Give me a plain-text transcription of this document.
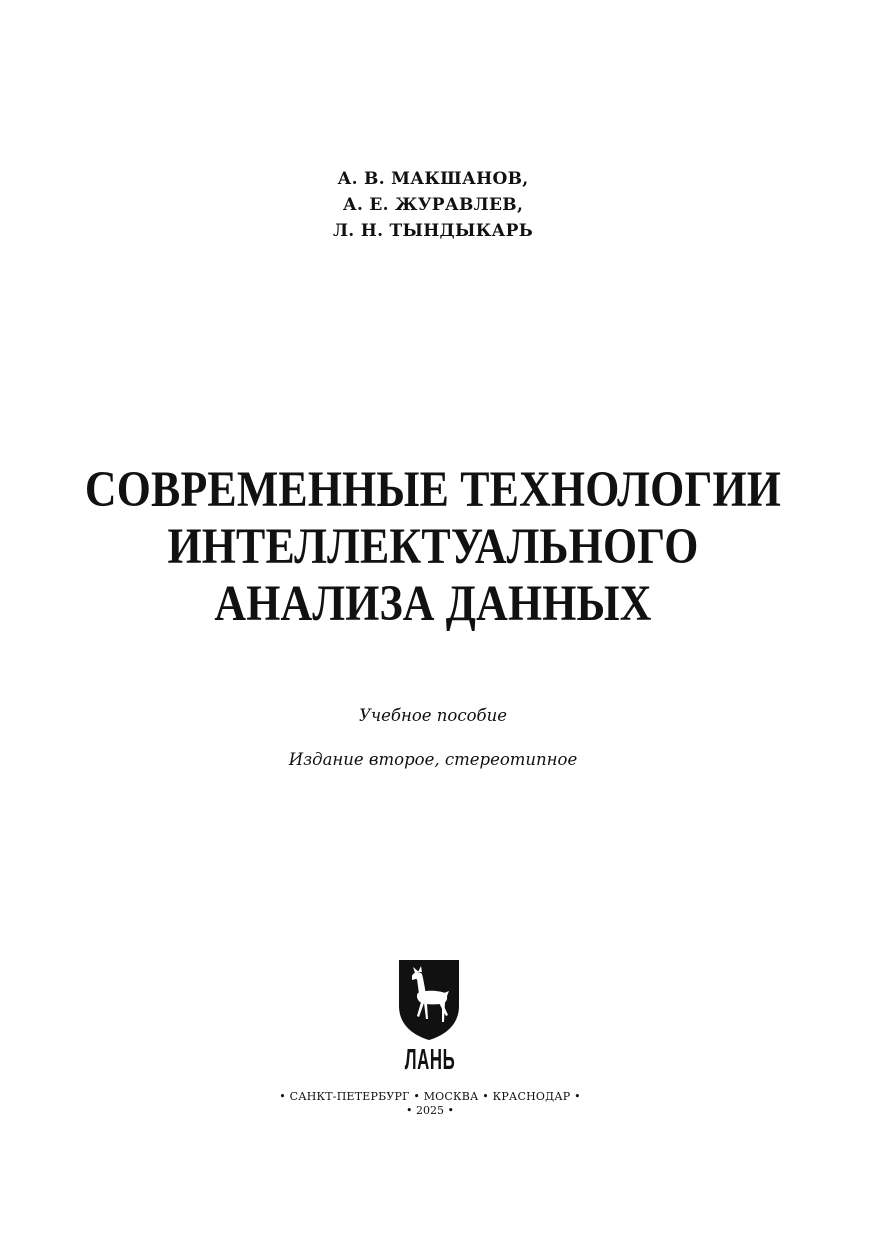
А. В. МАКШАНОВ,
А. Е. ЖУРАВЛЕВ,
Л. Н. ТЫНДЫКАРЬ
СОВРЕМЕННЫЕ ТЕХНОЛОГИИ
ИНТЕЛЛЕКТУАЛЬНОГО
АНАЛИЗА ДАННЫХ
Учебное пособие
Издание второе, стереотипное
ЛАНЬ
• САНКТ-ПЕТЕРБУРГ • МОСКВА • КРАСНОДАР •
• 2025 •
